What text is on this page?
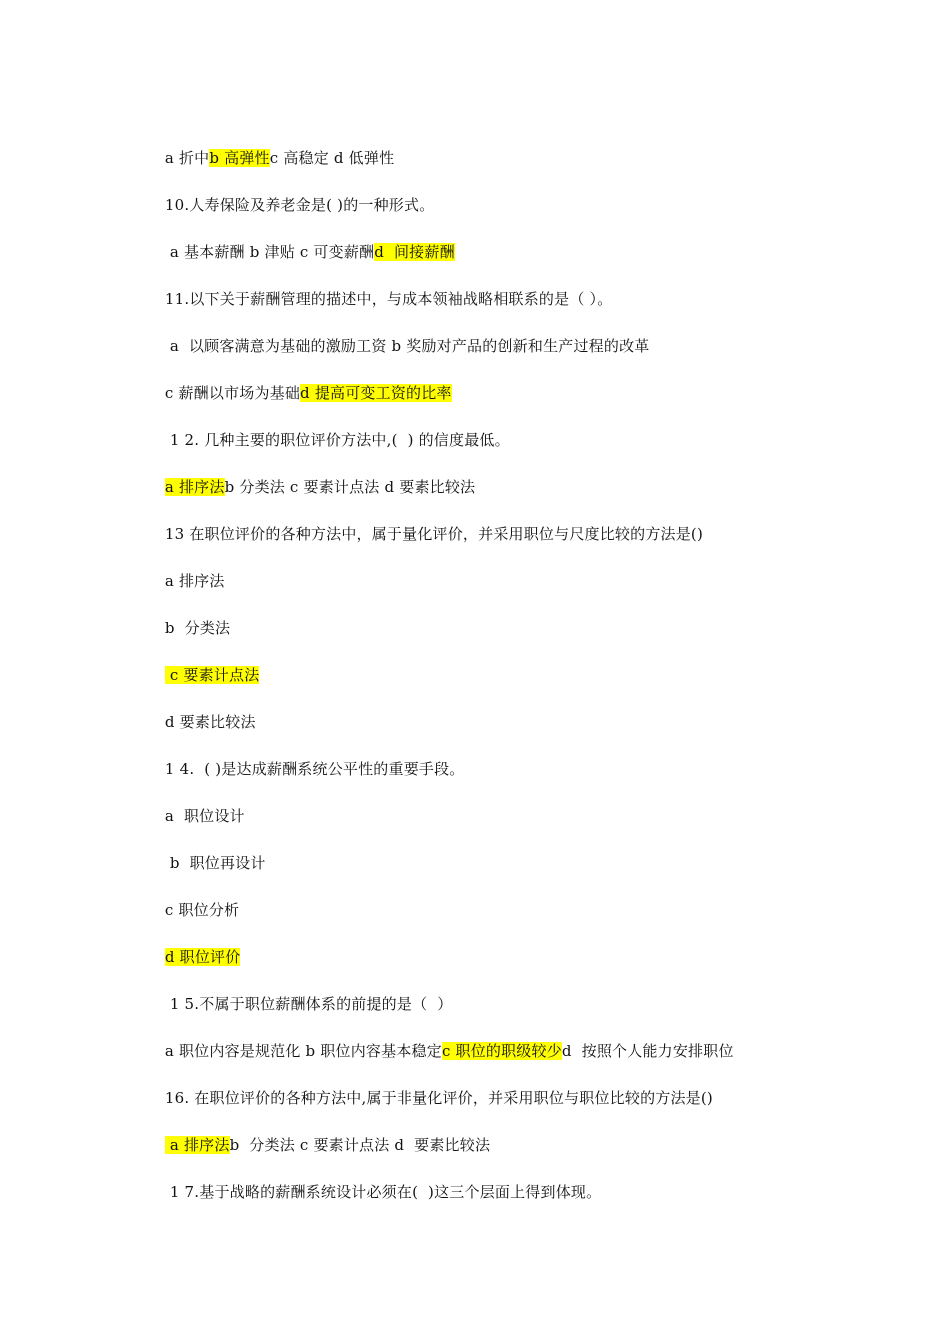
a 折中b 高弹性c 高稳定 d 低弹性

10.人寿保险及养老金是( )的一种形式。

a 基本薪酬 b 津贴 c 可变薪酬d  间接薪酬

11.以下关于薪酬管理的描述中，与成本领袖战略相联系的是（ ）。

a  以顾客满意为基础的激励工资 b 奖励对产品的创新和生产过程的改革

c 薪酬以市场为基础d 提高可变工资的比率

1 2. 几种主要的职位评价方法中,(  ) 的信度最低。

a 排序法b 分类法 c 要素计点法 d 要素比较法

13 在职位评价的各种方法中，属于量化评价，并采用职位与尺度比较的方法是()

a 排序法

b  分类法

c 要素计点法

d 要素比较法

1 4.  ( )是达成薪酬系统公平性的重要手段。

a  职位设计

b  职位再设计

c 职位分析

d 职位评价

1 5.不属于职位薪酬体系的前提的是（  ）

a 职位内容是规范化 b 职位内容基本稳定c 职位的职级较少d  按照个人能力安排职位

16. 在职位评价的各种方法中,属于非量化评价，并采用职位与职位比较的方法是()

a 排序法b  分类法 c 要素计点法 d  要素比较法

1 7.基于战略的薪酬系统设计必须在(  )这三个层面上得到体现。
